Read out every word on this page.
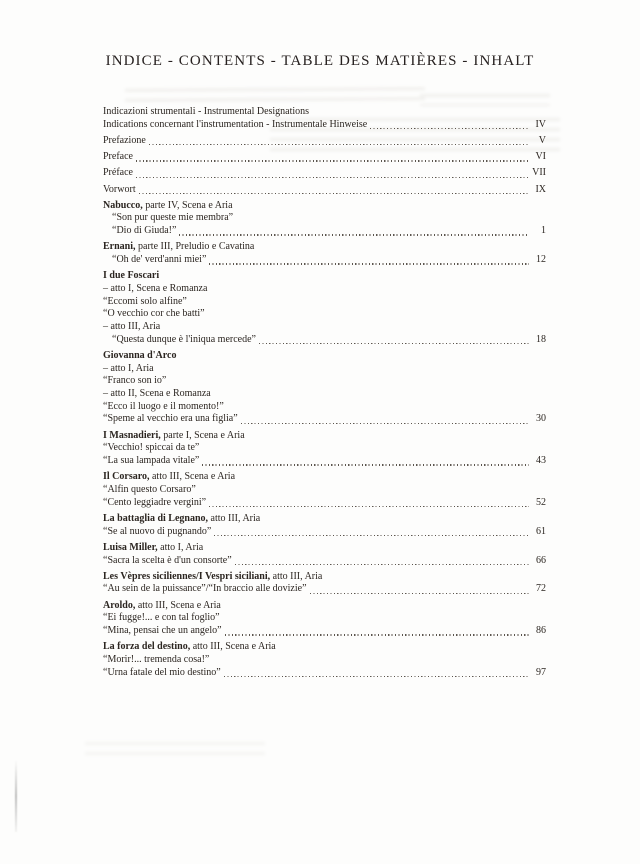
INDICE - CONTENTS - TABLE DES MATIÈRES - INHALT
Indicazioni strumentali - Instrumental Designations
Indications concernant l'instrumentation - Instrumentale Hinweise	IV
Prefazione	V
Preface	VI
Préface	VII
Vorwort	IX
Nabucco, parte IV, Scena e Aria
“Son pur queste mie membra”
“Dio di Giuda!”	1
Ernani, parte III, Preludio e Cavatina
“Oh de' verd'anni miei”	12
I due Foscari
– atto I, Scena e Romanza
“Eccomi solo alfine”
“O vecchio cor che batti”
– atto III, Aria
“Questa dunque è l'iniqua mercede”	18
Giovanna d'Arco
– atto I, Aria
“Franco son io”
– atto II, Scena e Romanza
“Ecco il luogo e il momento!”
“Speme al vecchio era una figlia”	30
I Masnadieri, parte I, Scena e Aria
“Vecchio! spiccai da te”
“La sua lampada vitale”	43
Il Corsaro, atto III, Scena e Aria
“Alfin questo Corsaro”
“Cento leggiadre vergini”	52
La battaglia di Legnano, atto III, Aria
“Se al nuovo di pugnando”	61
Luisa Miller, atto I, Aria
“Sacra la scelta è d'un consorte”	66
Les Vèpres siciliennes/I Vespri siciliani, atto III, Aria
“Au sein de la puissance”/“In braccio alle dovizie”	72
Aroldo, atto III, Scena e Aria
“Ei fugge!... e con tal foglio”
“Mina, pensai che un angelo”	86
La forza del destino, atto III, Scena e Aria
“Morir!... tremenda cosa!”
“Urna fatale del mio destino”	97
